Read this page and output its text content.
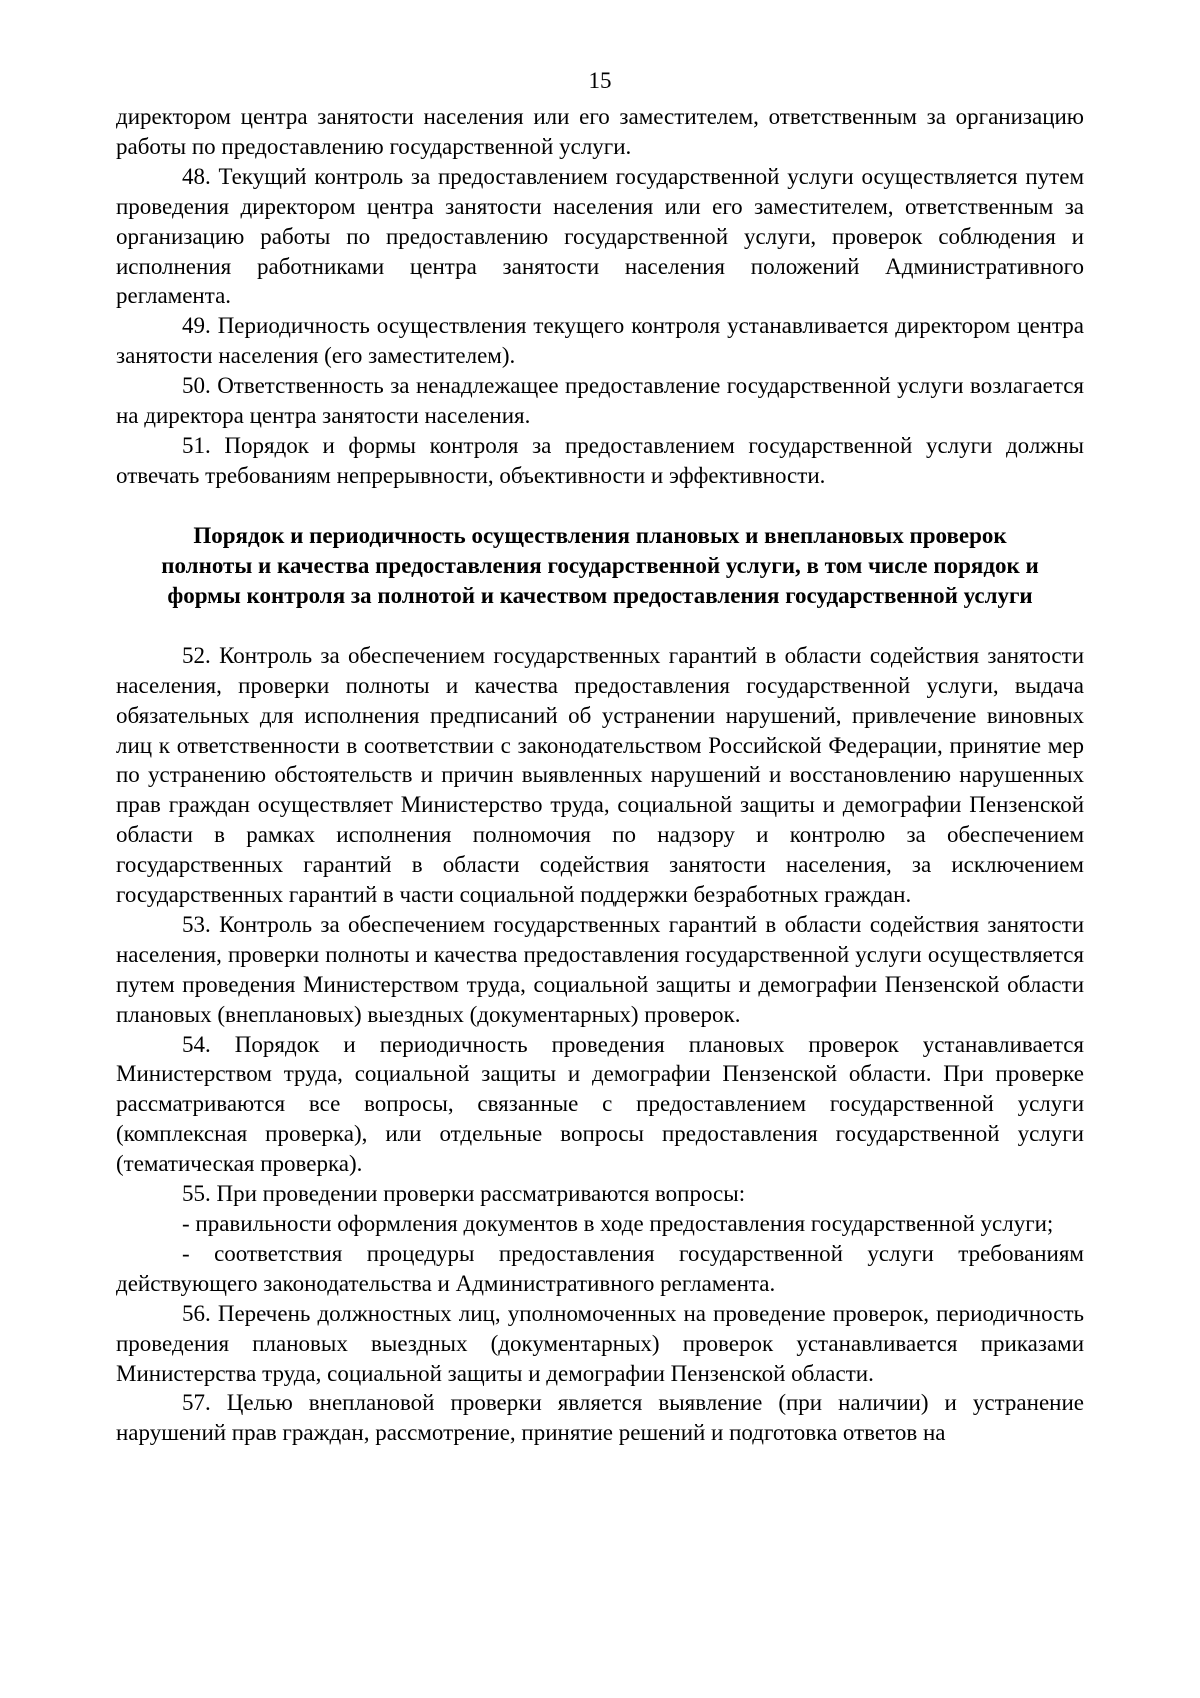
15

директором центра занятости населения или его заместителем, ответственным за организацию работы по предоставлению государственной услуги.

48. Текущий контроль за предоставлением государственной услуги осуществляется путем проведения директором центра занятости населения или его заместителем, ответственным за организацию работы по предоставлению государственной услуги, проверок соблюдения и исполнения работниками центра занятости населения положений Административного регламента.

49. Периодичность осуществления текущего контроля устанавливается директором центра занятости населения (его заместителем).

50. Ответственность за ненадлежащее предоставление государственной услуги возлагается на директора центра занятости населения.

51. Порядок и формы контроля за предоставлением государственной услуги должны отвечать требованиям непрерывности, объективности и эффективности.

Порядок и периодичность осуществления плановых и внеплановых проверок
полноты и качества предоставления государственной услуги, в том числе порядок и
формы контроля за полнотой и качеством предоставления государственной услуги

52. Контроль за обеспечением государственных гарантий в области содействия занятости населения, проверки полноты и качества предоставления государственной услуги, выдача обязательных для исполнения предписаний об устранении нарушений, привлечение виновных лиц к ответственности в соответствии с законодательством Российской Федерации, принятие мер по устранению обстоятельств и причин выявленных нарушений и восстановлению нарушенных прав граждан осуществляет Министерство труда, социальной защиты и демографии Пензенской области в рамках исполнения полномочия по надзору и контролю за обеспечением государственных гарантий в области содействия занятости населения, за исключением государственных гарантий в части социальной поддержки безработных граждан.

53. Контроль за обеспечением государственных гарантий в области содействия занятости населения, проверки полноты и качества предоставления государственной услуги осуществляется путем проведения Министерством труда, социальной защиты и демографии Пензенской области плановых (внеплановых) выездных (документарных) проверок.

54. Порядок и периодичность проведения плановых проверок устанавливается Министерством труда, социальной защиты и демографии Пензенской области. При проверке рассматриваются все вопросы, связанные с предоставлением государственной услуги (комплексная проверка), или отдельные вопросы предоставления государственной услуги (тематическая проверка).

55. При проведении проверки рассматриваются вопросы:

- правильности оформления документов в ходе предоставления государственной услуги;

- соответствия процедуры предоставления государственной услуги требованиям действующего законодательства и Административного регламента.

56. Перечень должностных лиц, уполномоченных на проведение проверок, периодичность проведения плановых выездных (документарных) проверок устанавливается приказами Министерства труда, социальной защиты и демографии Пензенской области.

57. Целью внеплановой проверки является выявление (при наличии) и устранение нарушений прав граждан, рассмотрение, принятие решений и подготовка ответов на
